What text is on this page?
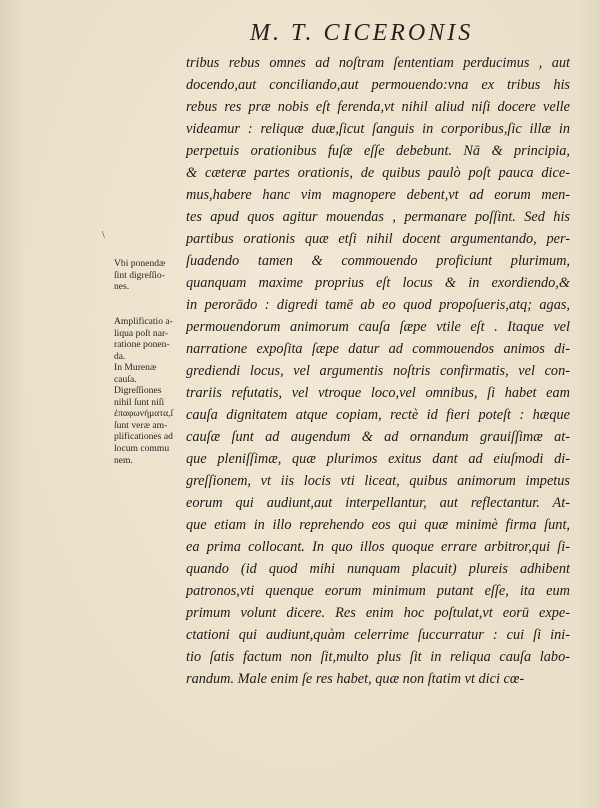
M. T. CICERONIS
\
Vbi ponendæ
ſint digreſſio-
nes.
Amplificatio a-
liqua poſt nar-
ratione ponen-
da.
In Murenæ
cauſa.
Digreſſiones
nihil ſunt niſi
ἐπαφωνήματα,ſ
ſunt veræ am-
plificationes ad
locum commu
nem.
tribus rebus omnes ad noſtram ſententiam perducimus , aut
docendo,aut conciliando,aut permouendo:vna ex tribus his
rebus res præ nobis eſt ferenda,vt nihil aliud niſi docere velle
videamur : reliquæ duæ,ſicut ſanguis in corporibus,ſic illæ in
perpetuis orationibus fuſæ eſſe debebunt. Nā & principia,
& cæteræ partes orationis, de quibus paulò poſt pauca dice-
mus,habere hanc vim magnopere debent,vt ad eorum men-
tes apud quos agitur mouendas , permanare poſſint. Sed his
partibus orationis quæ etſi nihil docent argumentando, per-
ſuadendo tamen & commouendo proficiunt plurimum,
quanquam maxime proprius eſt locus & in exordiendo,&
in perorādo : digredi tamē ab eo quod propoſueris,atq; agas,
permouendorum animorum cauſa ſæpe vtile eſt . Itaque vel
narratione expoſita ſæpe datur ad commouendos animos di-
grediendi locus, vel argumentis noſtris confirmatis, vel con-
trariis refutatis, vel vtroque loco,vel omnibus, ſi habet eam
cauſa dignitatem atque copiam, rectè id fieri poteſt : hæque
cauſæ ſunt ad augendum & ad ornandum grauiſſimæ at-
que pleniſſimæ, quæ plurimos exitus dant ad eiuſmodi di-
greſſionem, vt iis locis vti liceat, quibus animorum impetus
eorum qui audiunt,aut interpellantur, aut reflectantur. At-
que etiam in illo reprehendo eos qui quæ minimè firma ſunt,
ea prima collocant. In quo illos quoque errare arbitror,qui ſi-
quando (id quod mihi nunquam placuit) plureis adhibent
patronos,vti quenque eorum minimum putant eſſe, ita eum
primum volunt dicere. Res enim hoc poſtulat,vt eorū expe-
ctationi qui audiunt,quàm celerrime ſuccurratur : cui ſi ini-
tio ſatis factum non ſit,multo plus ſit in reliqua cauſa labo-
randum. Male enim ſe res habet, quæ non ſtatim vt dici cœ-
